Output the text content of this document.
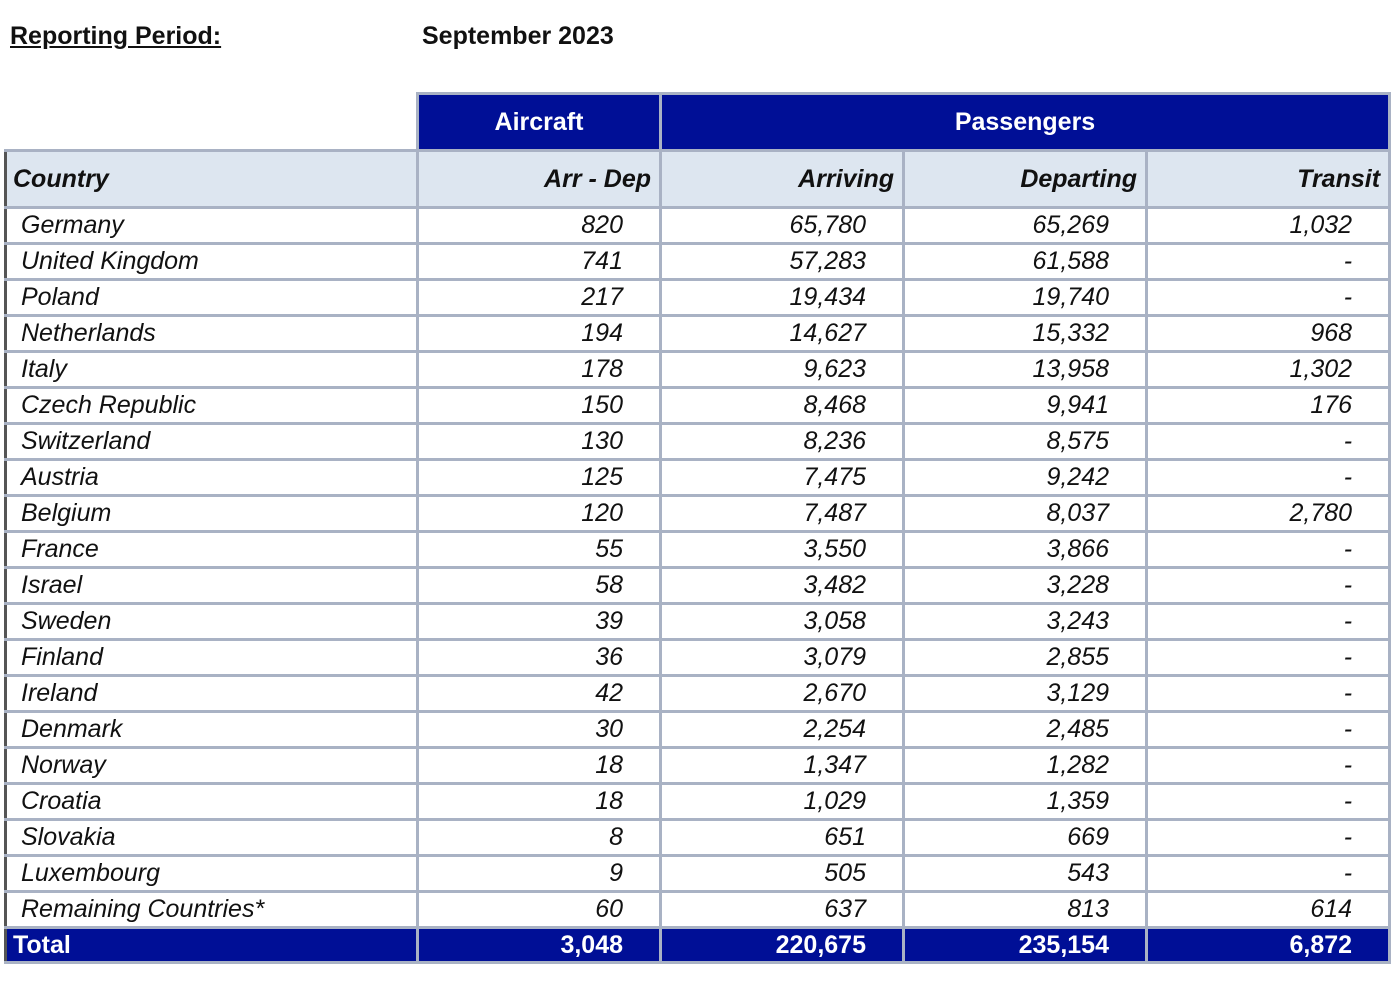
Reporting Period:	September 2023
	Aircraft	Passengers		
Country	Arr - Dep	Arriving	Departing	Transit
Germany	820	65,780	65,269	1,032
United Kingdom	741	57,283	61,588	-
Poland	217	19,434	19,740	-
Netherlands	194	14,627	15,332	968
Italy	178	9,623	13,958	1,302
Czech Republic	150	8,468	9,941	176
Switzerland	130	8,236	8,575	-
Austria	125	7,475	9,242	-
Belgium	120	7,487	8,037	2,780
France	55	3,550	3,866	-
Israel	58	3,482	3,228	-
Sweden	39	3,058	3,243	-
Finland	36	3,079	2,855	-
Ireland	42	2,670	3,129	-
Denmark	30	2,254	2,485	-
Norway	18	1,347	1,282	-
Croatia	18	1,029	1,359	-
Slovakia	8	651	669	-
Luxembourg	9	505	543	-
Remaining Countries*	60	637	813	614
Total	3,048	220,675	235,154	6,872
